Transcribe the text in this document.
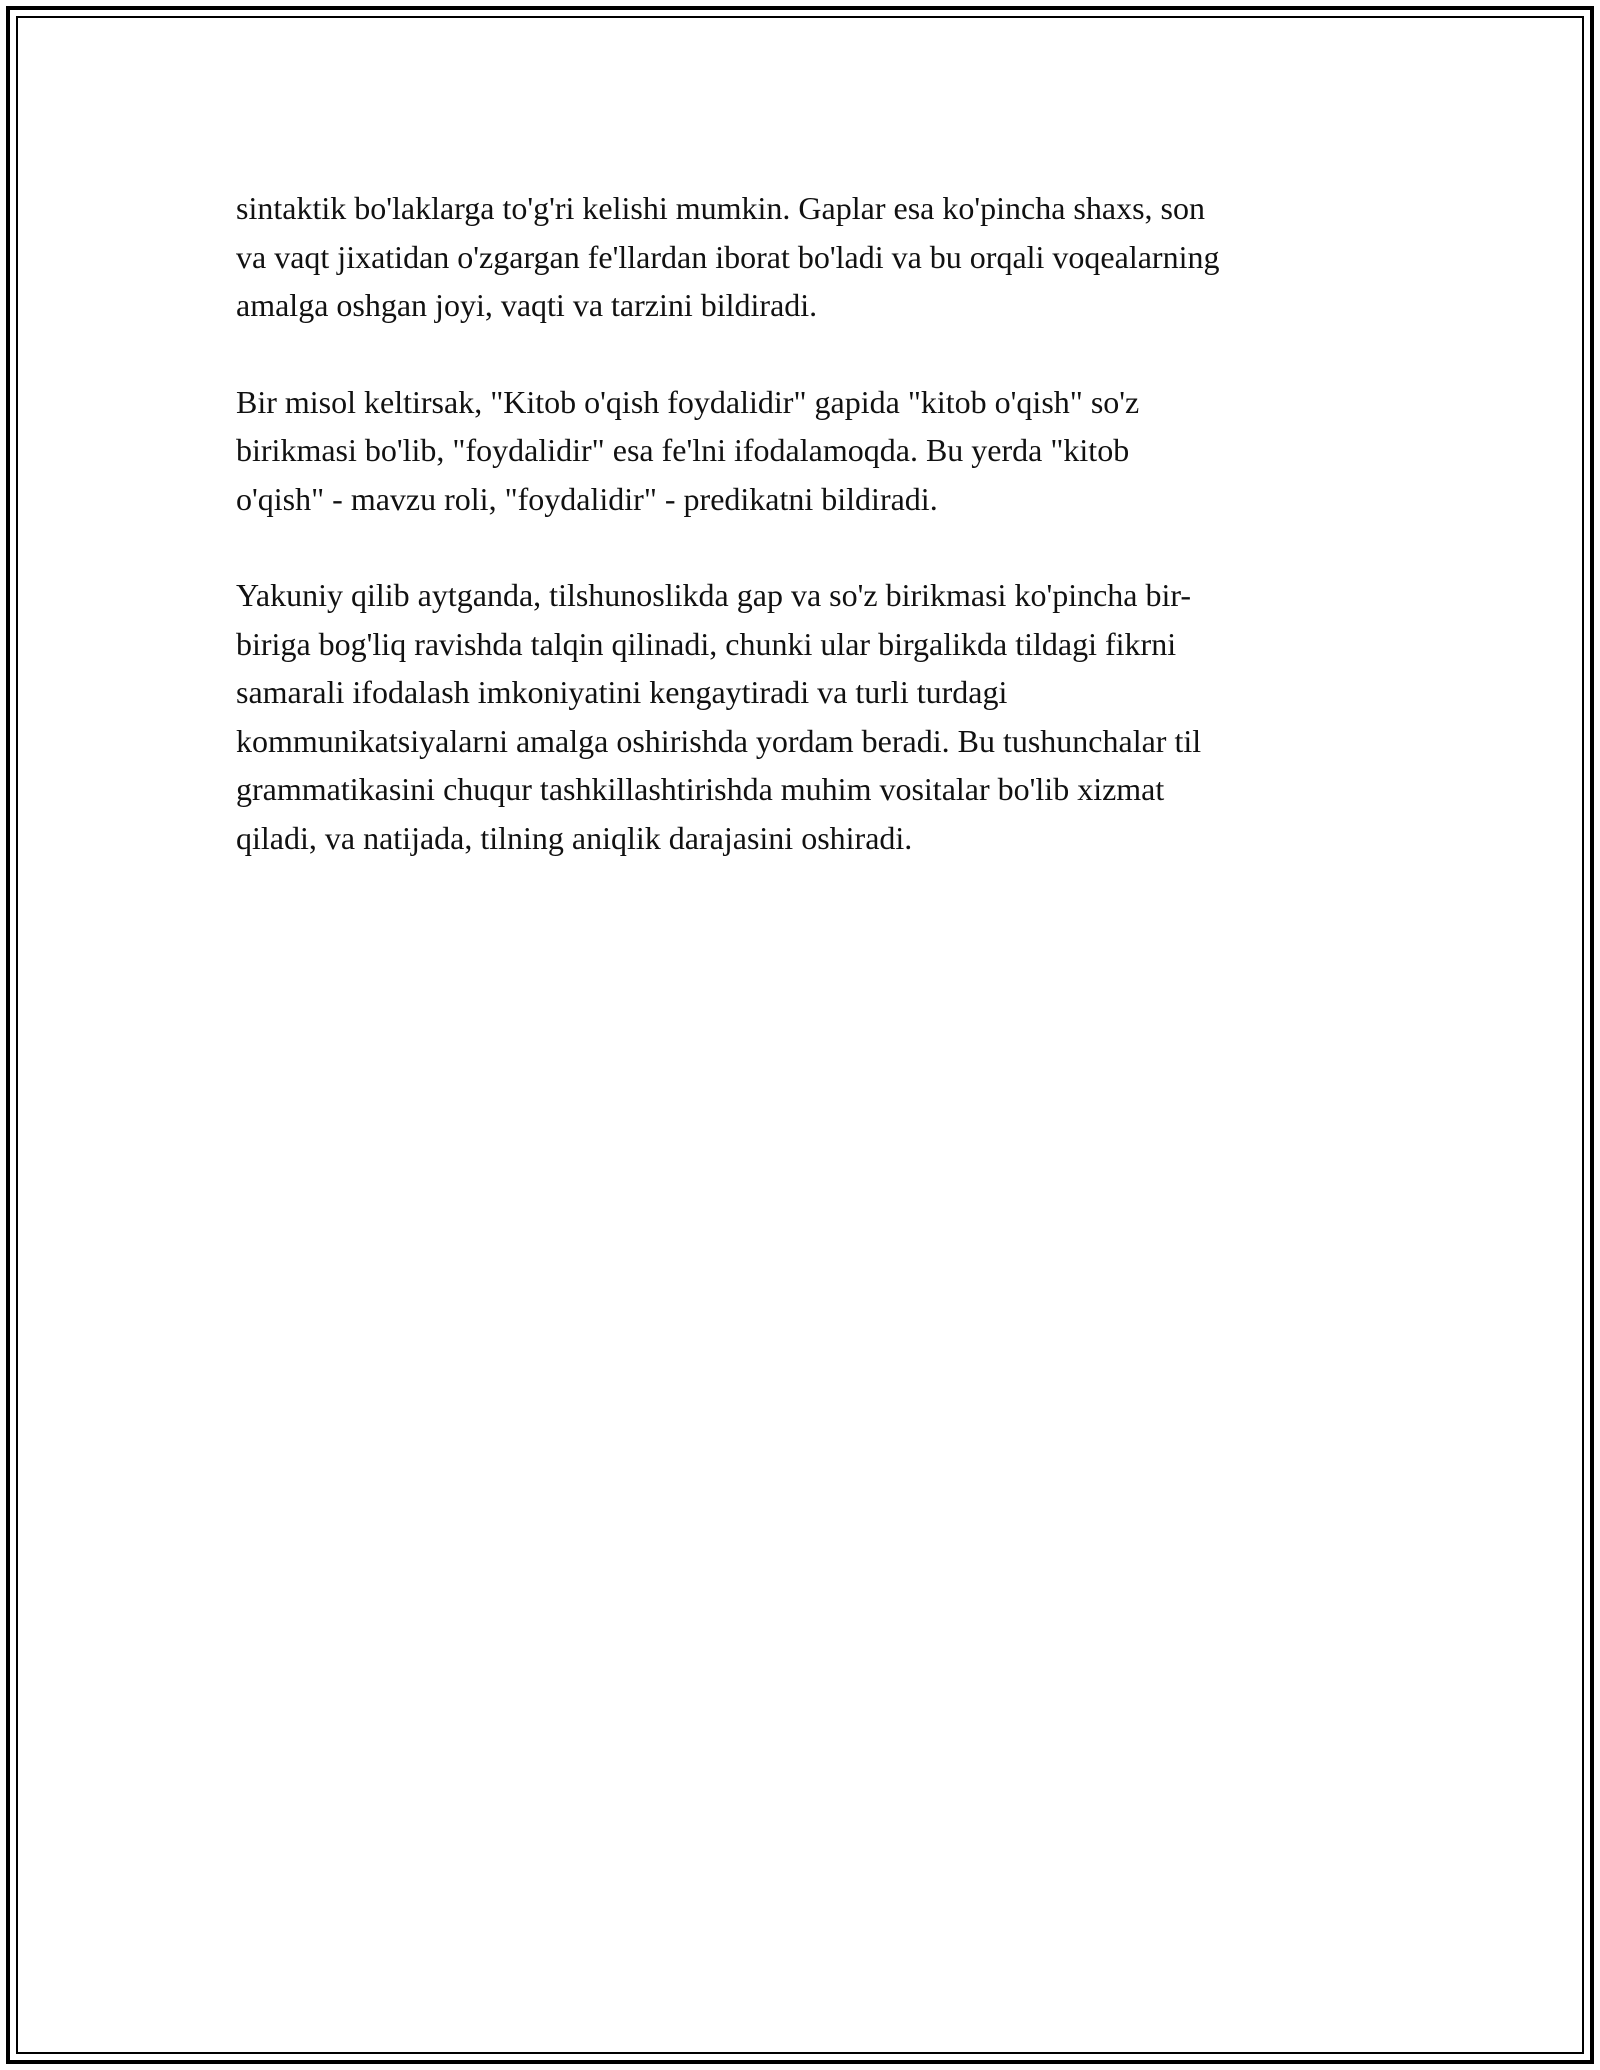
sintaktik bo'laklarga to'g'ri kelishi mumkin. Gaplar esa ko'pincha shaxs, son
va vaqt jixatidan o'zgargan fe'llardan iborat bo'ladi va bu orqali voqealarning
amalga oshgan joyi, vaqti va tarzini bildiradi.

Bir misol keltirsak, "Kitob o'qish foydalidir" gapida "kitob o'qish" so'z
birikmasi bo'lib, "foydalidir" esa fe'lni ifodalamoqda. Bu yerda "kitob
o'qish" - mavzu roli, "foydalidir" - predikatni bildiradi.

Yakuniy qilib aytganda, tilshunoslikda gap va so'z birikmasi ko'pincha bir-
biriga bog'liq ravishda talqin qilinadi, chunki ular birgalikda tildagi fikrni
samarali ifodalash imkoniyatini kengaytiradi va turli turdagi
kommunikatsiyalarni amalga oshirishda yordam beradi. Bu tushunchalar til
grammatikasini chuqur tashkillashtirishda muhim vositalar bo'lib xizmat
qiladi, va natijada, tilning aniqlik darajasini oshiradi.
